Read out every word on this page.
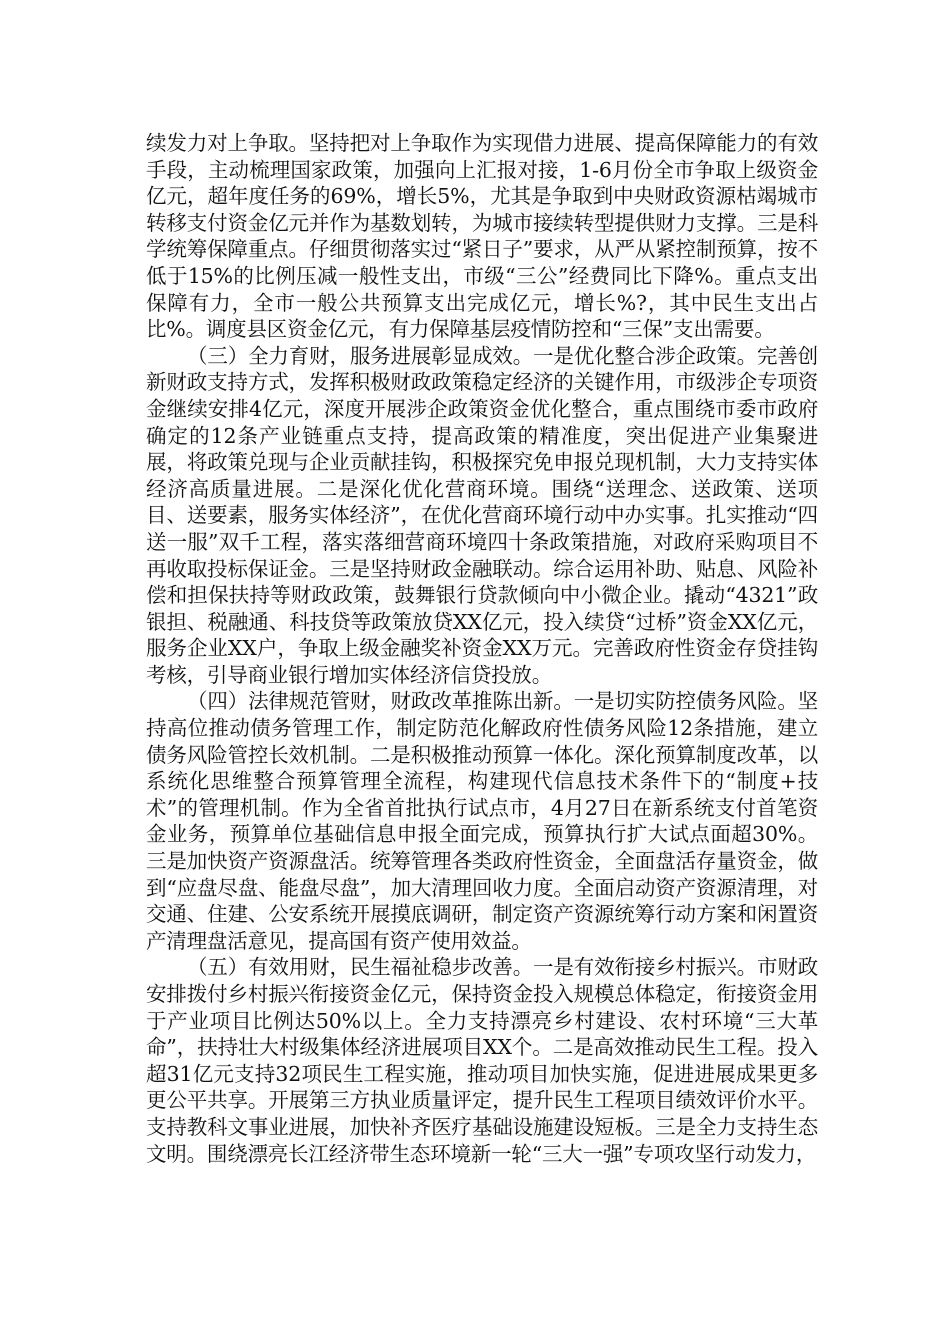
续发力对上争取。坚持把对上争取作为实现借力进展、提高保障能力的有效手段，主动梳理国家政策，加强向上汇报对接，1-6月份全市争取上级资金亿元，超年度任务的69%，增长5%，尤其是争取到中央财政资源枯竭城市转移支付资金亿元并作为基数划转，为城市接续转型提供财力支撑。三是科学统筹保障重点。仔细贯彻落实过“紧日子”要求，从严从紧控制预算，按不低于15%的比例压减一般性支出，市级“三公”经费同比下降%。重点支出保障有力，全市一般公共预算支出完成亿元，增长%?，其中民生支出占比%。调度县区资金亿元，有力保障基层疫情防控和“三保”支出需要。

（三）全力育财，服务进展彰显成效。一是优化整合涉企政策。完善创新财政支持方式，发挥积极财政政策稳定经济的关键作用，市级涉企专项资金继续安排4亿元，深度开展涉企政策资金优化整合，重点围绕市委市政府确定的12条产业链重点支持，提高政策的精准度，突出促进产业集聚进展，将政策兑现与企业贡献挂钩，积极探究免申报兑现机制，大力支持实体经济高质量进展。二是深化优化营商环境。围绕“送理念、送政策、送项目、送要素，服务实体经济”，在优化营商环境行动中办实事。扎实推动“四送一服”双千工程，落实落细营商环境四十条政策措施，对政府采购项目不再收取投标保证金。三是坚持财政金融联动。综合运用补助、贴息、风险补偿和担保扶持等财政政策，鼓舞银行贷款倾向中小微企业。撬动“4321”政银担、税融通、科技贷等政策放贷XX亿元，投入续贷“过桥”资金XX亿元，服务企业XX户，争取上级金融奖补资金XX万元。完善政府性资金存贷挂钩考核，引导商业银行增加实体经济信贷投放。

（四）法律规范管财，财政改革推陈出新。一是切实防控债务风险。坚持高位推动债务管理工作，制定防范化解政府性债务风险12条措施，建立债务风险管控长效机制。二是积极推动预算一体化。深化预算制度改革，以系统化思维整合预算管理全流程，构建现代信息技术条件下的“制度+技术”的管理机制。作为全省首批执行试点市，4月27日在新系统支付首笔资金业务，预算单位基础信息申报全面完成，预算执行扩大试点面超30%。三是加快资产资源盘活。统筹管理各类政府性资金，全面盘活存量资金，做到“应盘尽盘、能盘尽盘”，加大清理回收力度。全面启动资产资源清理，对交通、住建、公安系统开展摸底调研，制定资产资源统筹行动方案和闲置资产清理盘活意见，提高国有资产使用效益。

（五）有效用财，民生福祉稳步改善。一是有效衔接乡村振兴。市财政安排拨付乡村振兴衔接资金亿元，保持资金投入规模总体稳定，衔接资金用于产业项目比例达50%以上。全力支持漂亮乡村建设、农村环境“三大革命”，扶持壮大村级集体经济进展项目XX个。二是高效推动民生工程。投入超31亿元支持32项民生工程实施，推动项目加快实施，促进进展成果更多更公平共享。开展第三方执业质量评定，提升民生工程项目绩效评价水平。支持教科文事业进展，加快补齐医疗基础设施建设短板。三是全力支持生态文明。围绕漂亮长江经济带生态环境新一轮“三大一强”专项攻坚行动发力，
